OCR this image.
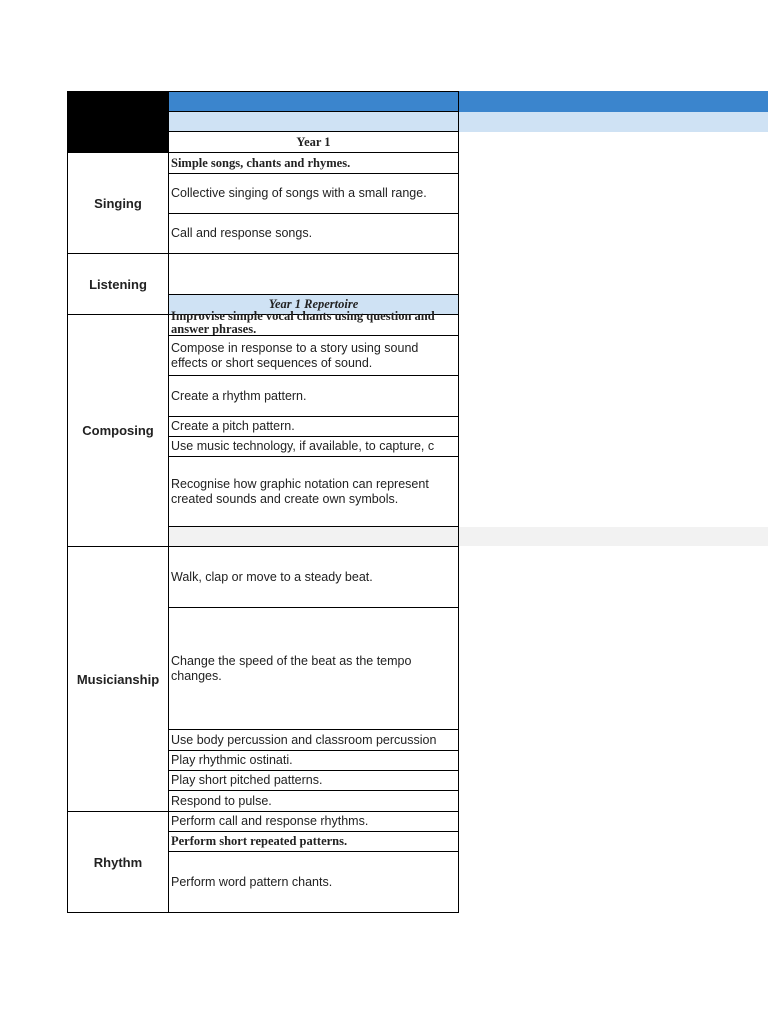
Year 1
Year 1 Repertoire
Singing
Listening
Composing
Musicianship
Rhythm
Simple songs, chants and rhymes.
Collective singing of songs with a small range.
Call and response songs.
Improvise simple vocal chants using question and answer phrases.
Compose in response to a story using sound effects or short sequences of sound.
Create a rhythm pattern.
Create a pitch pattern.
Use music technology, if available, to capture, c
Recognise how graphic notation can represent created sounds and create own symbols.
Walk, clap or move to a steady beat.
Change the speed of the beat as the tempo changes.
Use body percussion and classroom percussion
Play rhythmic ostinati.
Play short pitched patterns.
Respond to pulse.
Perform call and response rhythms.
Perform short repeated patterns.
Perform word pattern chants.
